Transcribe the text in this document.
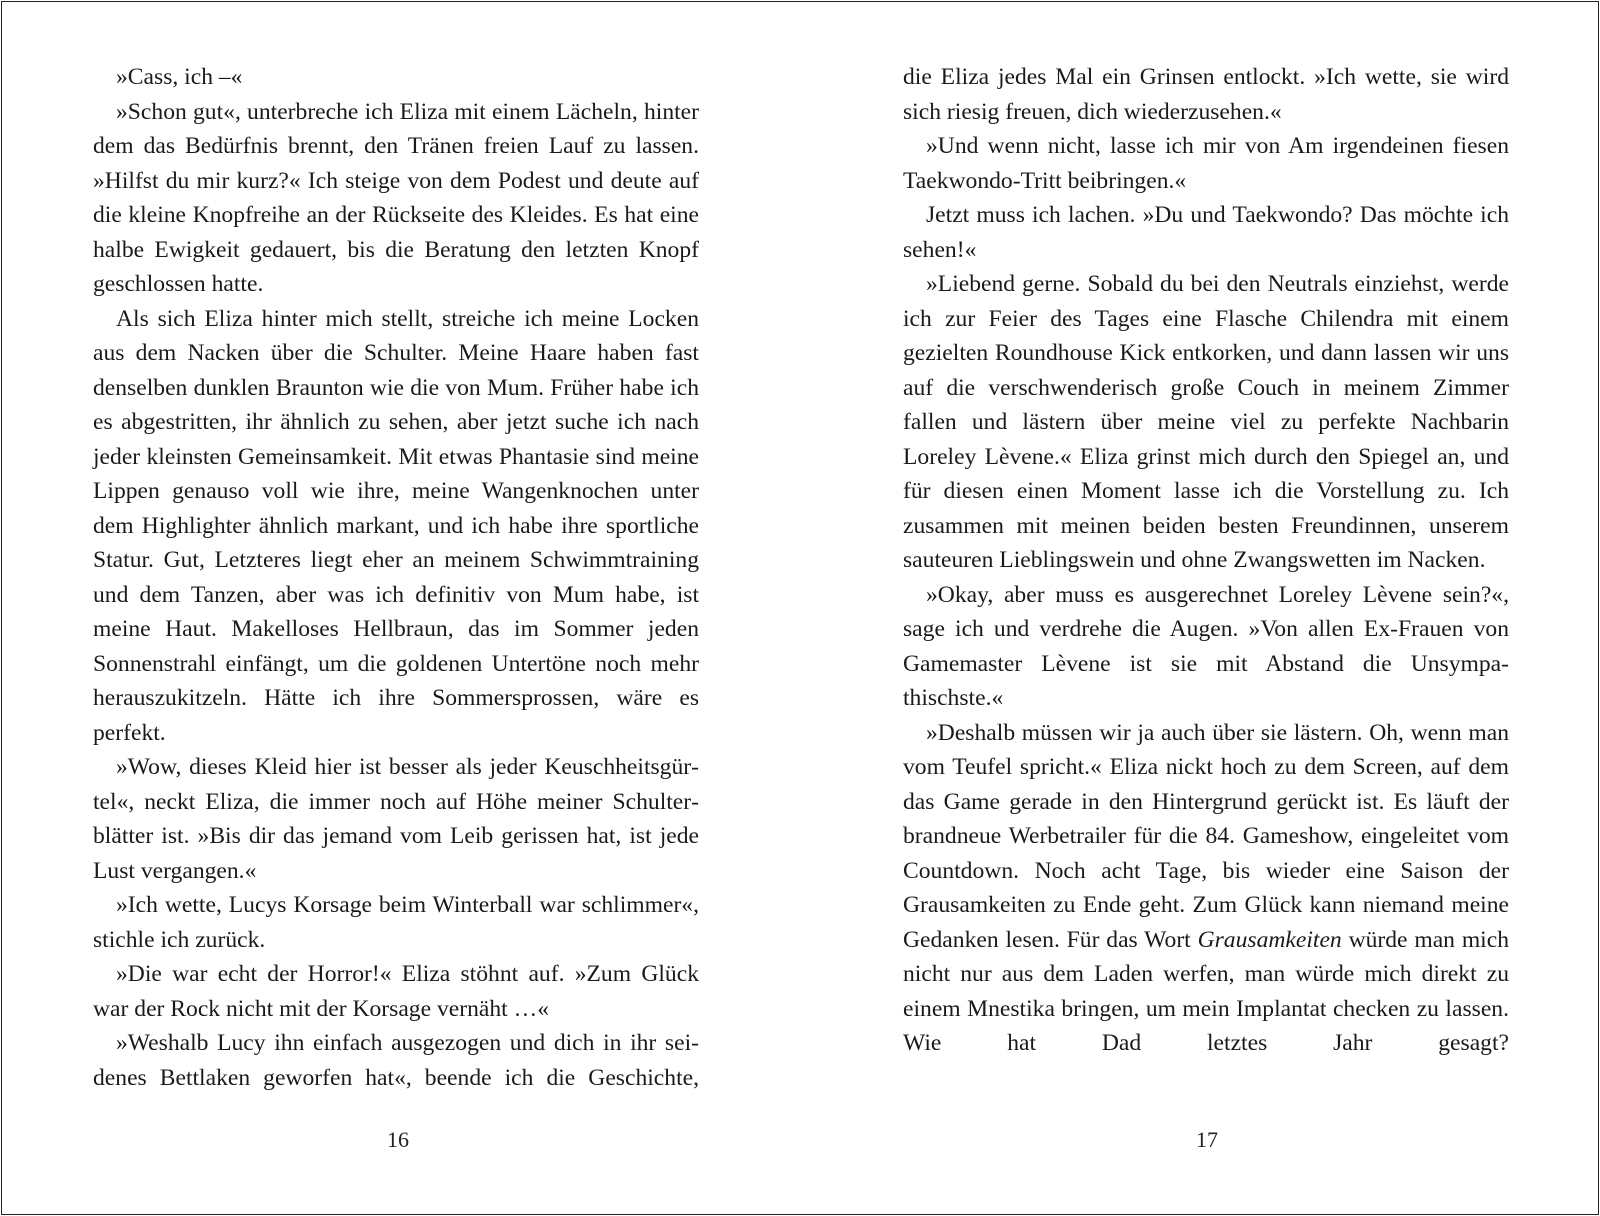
»Cass, ich –«

»Schon gut«, unterbreche ich Eliza mit einem Lächeln, hinter dem das Bedürfnis brennt, den Tränen freien Lauf zu lassen. »Hilfst du mir kurz?« Ich steige von dem Podest und deute auf die kleine Knopfreihe an der Rückseite des Kleides. Es hat eine halbe Ewigkeit gedauert, bis die Beratung den letzten Knopf geschlossen hatte.

Als sich Eliza hinter mich stellt, streiche ich meine Locken aus dem Nacken über die Schulter. Meine Haare haben fast denselben dunklen Braunton wie die von Mum. Früher habe ich es abgestritten, ihr ähnlich zu sehen, aber jetzt suche ich nach jeder kleinsten Gemeinsamkeit. Mit etwas Phantasie sind meine Lippen genauso voll wie ihre, meine Wangenknochen unter dem Highlighter ähnlich markant, und ich habe ihre sportliche Statur. Gut, Letzteres liegt eher an meinem Schwimmtraining und dem Tanzen, aber was ich definitiv von Mum habe, ist meine Haut. Makelloses Hellbraun, das im Sommer jeden Sonnenstrahl einfängt, um die goldenen Untertöne noch mehr herauszukitzeln. Hätte ich ihre Sommersprossen, wäre es perfekt.

»Wow, dieses Kleid hier ist besser als jeder Keuschheitsgürtel«, neckt Eliza, die immer noch auf Höhe meiner Schulterblätter ist. »Bis dir das jemand vom Leib gerissen hat, ist jede Lust vergangen.«

»Ich wette, Lucys Korsage beim Winterball war schlimmer«, stichle ich zurück.

»Die war echt der Horror!« Eliza stöhnt auf. »Zum Glück war der Rock nicht mit der Korsage vernäht …«

»Weshalb Lucy ihn einfach ausgezogen und dich in ihr seidenes Bettlaken geworfen hat«, beende ich die Geschichte,

die Eliza jedes Mal ein Grinsen entlockt. »Ich wette, sie wird sich riesig freuen, dich wiederzusehen.«

»Und wenn nicht, lasse ich mir von Am irgendeinen fiesen Taekwondo-Tritt beibringen.«

Jetzt muss ich lachen. »Du und Taekwondo? Das möchte ich sehen!«

»Liebend gerne. Sobald du bei den Neutrals einziehst, werde ich zur Feier des Tages eine Flasche Chilendra mit einem gezielten Roundhouse Kick entkorken, und dann lassen wir uns auf die verschwenderisch große Couch in meinem Zimmer fallen und lästern über meine viel zu perfekte Nachbarin Loreley Lèvene.« Eliza grinst mich durch den Spiegel an, und für diesen einen Moment lasse ich die Vorstellung zu. Ich zusammen mit meinen beiden besten Freundinnen, unserem sauteuren Lieblingswein und ohne Zwangswetten im Nacken.

»Okay, aber muss es ausgerechnet Loreley Lèvene sein?«, sage ich und verdrehe die Augen. »Von allen Ex-Frauen von Gamemaster Lèvene ist sie mit Abstand die Unsympathischste.«

»Deshalb müssen wir ja auch über sie lästern. Oh, wenn man vom Teufel spricht.« Eliza nickt hoch zu dem Screen, auf dem das Game gerade in den Hintergrund gerückt ist. Es läuft der brandneue Werbetrailer für die 84. Gameshow, eingeleitet vom Countdown. Noch acht Tage, bis wieder eine Saison der Grausamkeiten zu Ende geht. Zum Glück kann niemand meine Gedanken lesen. Für das Wort Grausamkeiten würde man mich nicht nur aus dem Laden werfen, man würde mich direkt zu einem Mnestika bringen, um mein Implantat checken zu lassen. Wie hat Dad letztes Jahr gesagt?

16	17
